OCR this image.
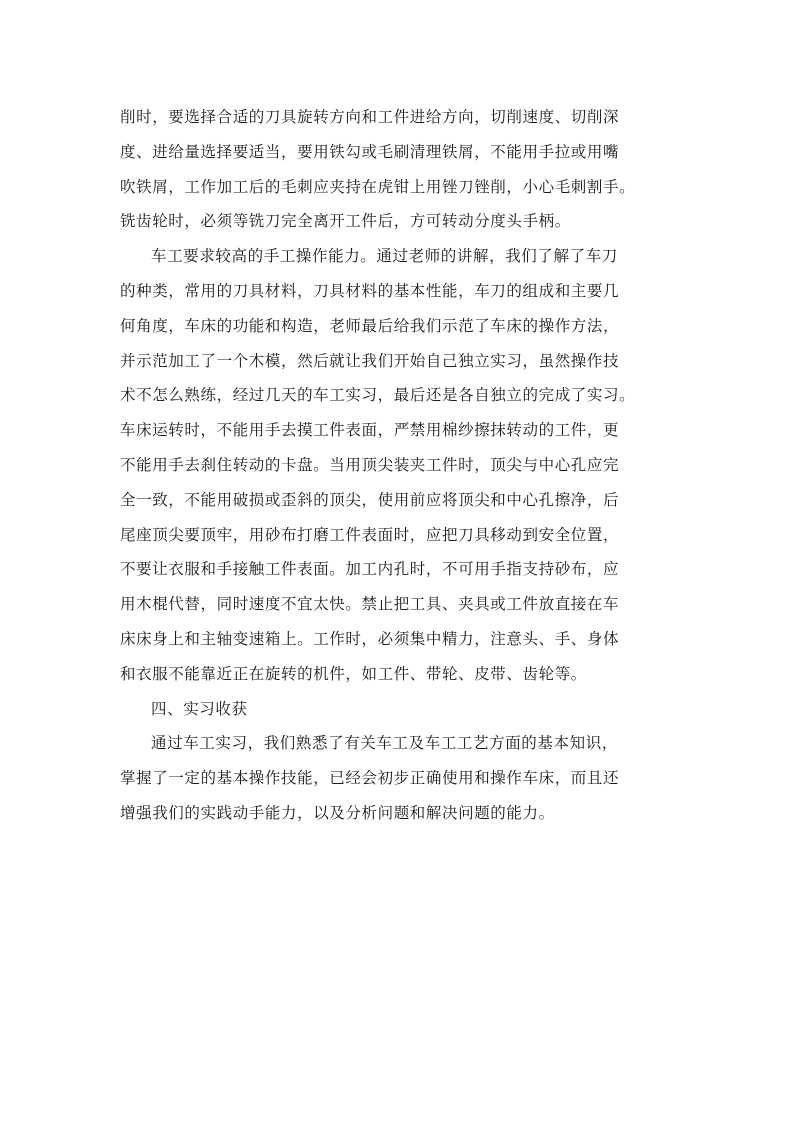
削时，要选择合适的刀具旋转方向和工件进给方向，切削速度、切削深
度、进给量选择要适当，要用铁勾或毛刷清理铁屑，不能用手拉或用嘴
吹铁屑，工作加工后的毛刺应夹持在虎钳上用锉刀锉削，小心毛刺割手。
铣齿轮时，必须等铣刀完全离开工件后，方可转动分度头手柄。
车工要求较高的手工操作能力。通过老师的讲解，我们了解了车刀
的种类，常用的刀具材料，刀具材料的基本性能，车刀的组成和主要几
何角度，车床的功能和构造，老师最后给我们示范了车床的操作方法，
并示范加工了一个木模，然后就让我们开始自己独立实习，虽然操作技
术不怎么熟练，经过几天的车工实习，最后还是各自独立的完成了实习。
车床运转时，不能用手去摸工件表面，严禁用棉纱擦抹转动的工件，更
不能用手去刹住转动的卡盘。当用顶尖装夹工件时，顶尖与中心孔应完
全一致，不能用破损或歪斜的顶尖，使用前应将顶尖和中心孔擦净，后
尾座顶尖要顶牢，用砂布打磨工件表面时，应把刀具移动到安全位置，
不要让衣服和手接触工件表面。加工内孔时，不可用手指支持砂布，应
用木棍代替，同时速度不宜太快。禁止把工具、夹具或工件放直接在车
床床身上和主轴变速箱上。工作时，必须集中精力，注意头、手、身体
和衣服不能靠近正在旋转的机件，如工件、带轮、皮带、齿轮等。
四、实习收获
通过车工实习，我们熟悉了有关车工及车工工艺方面的基本知识，
掌握了一定的基本操作技能，已经会初步正确使用和操作车床，而且还
增强我们的实践动手能力，以及分析问题和解决问题的能力。
